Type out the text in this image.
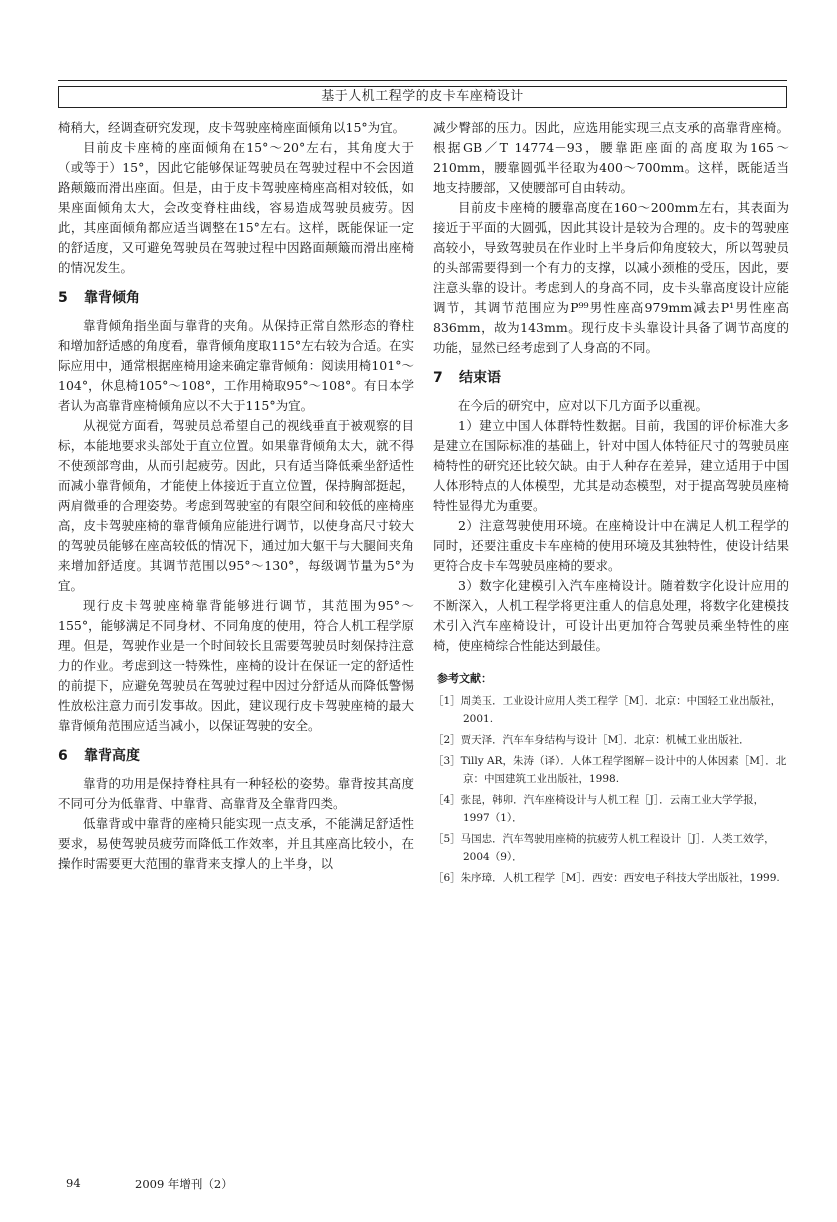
基于人机工程学的皮卡车座椅设计

椅稍大，经调查研究发现，皮卡驾驶座椅座面倾角以15°为宜。

目前皮卡座椅的座面倾角在15°～20°左右，其角度大于（或等于）15°，因此它能够保证驾驶员在驾驶过程中不会因道路颠簸而滑出座面。但是，由于皮卡驾驶座椅座高相对较低，如果座面倾角太大，会改变脊柱曲线，容易造成驾驶员疲劳。因此，其座面倾角都应适当调整在15°左右。这样，既能保证一定的舒适度，又可避免驾驶员在驾驶过程中因路面颠簸而滑出座椅的情况发生。

5 靠背倾角

靠背倾角指坐面与靠背的夹角。从保持正常自然形态的脊柱和增加舒适感的角度看，靠背倾角度取115°左右较为合适。在实际应用中，通常根据座椅用途来确定靠背倾角：阅读用椅101°～104°，休息椅105°～108°，工作用椅取95°～108°。有日本学者认为高靠背座椅倾角应以不大于115°为宜。

从视觉方面看，驾驶员总希望自己的视线垂直于被观察的目标，本能地要求头部处于直立位置。如果靠背倾角太大，就不得不使颈部弯曲，从而引起疲劳。因此，只有适当降低乘坐舒适性而减小靠背倾角，才能使上体接近于直立位置，保持胸部挺起，两肩微垂的合理姿势。考虑到驾驶室的有限空间和较低的座椅座高，皮卡驾驶座椅的靠背倾角应能进行调节，以使身高尺寸较大的驾驶员能够在座高较低的情况下，通过加大躯干与大腿间夹角来增加舒适度。其调节范围以95°～130°，每级调节量为5°为宜。

现行皮卡驾驶座椅靠背能够进行调节，其范围为95°～155°，能够满足不同身材、不同角度的使用，符合人机工程学原理。但是，驾驶作业是一个时间较长且需要驾驶员时刻保持注意力的作业。考虑到这一特殊性，座椅的设计在保证一定的舒适性的前提下，应避免驾驶员在驾驶过程中因过分舒适从而降低警惕性放松注意力而引发事故。因此，建议现行皮卡驾驶座椅的最大靠背倾角范围应适当减小，以保证驾驶的安全。

6 靠背高度

靠背的功用是保持脊柱具有一种轻松的姿势。靠背按其高度不同可分为低靠背、中靠背、高靠背及全靠背四类。

低靠背或中靠背的座椅只能实现一点支承，不能满足舒适性要求，易使驾驶员疲劳而降低工作效率，并且其座高比较小，在操作时需要更大范围的靠背来支撑人的上半身，以

减少臀部的压力。因此，应选用能实现三点支承的高靠背座椅。根据GB／T 14774－93，腰靠距座面的高度取为165～210mm，腰靠圆弧半径取为400～700mm。这样，既能适当地支持腰部，又使腰部可自由转动。

目前皮卡座椅的腰靠高度在160～200mm左右，其表面为接近于平面的大圆弧，因此其设计是较为合理的。皮卡的驾驶座高较小，导致驾驶员在作业时上半身后仰角度较大，所以驾驶员的头部需要得到一个有力的支撑，以减小颈椎的受压，因此，要注意头靠的设计。考虑到人的身高不同，皮卡头靠高度设计应能调节，其调节范围应为P⁹⁹男性座高979mm减去P¹男性座高836mm，故为143mm。现行皮卡头靠设计具备了调节高度的功能，显然已经考虑到了人身高的不同。

7 结束语

在今后的研究中，应对以下几方面予以重视。

1）建立中国人体群特性数据。目前，我国的评价标准大多是建立在国际标准的基础上，针对中国人体特征尺寸的驾驶员座椅特性的研究还比较欠缺。由于人种存在差异，建立适用于中国人体形特点的人体模型，尤其是动态模型，对于提高驾驶员座椅特性显得尤为重要。

2）注意驾驶使用环境。在座椅设计中在满足人机工程学的同时，还要注重皮卡车座椅的使用环境及其独特性，使设计结果更符合皮卡车驾驶员座椅的要求。

3）数字化建模引入汽车座椅设计。随着数字化设计应用的不断深入，人机工程学将更注重人的信息处理，将数字化建模技术引入汽车座椅设计，可设计出更加符合驾驶员乘坐特性的座椅，使座椅综合性能达到最佳。

参考文献：

［1］周美玉．工业设计应用人类工程学［M］．北京：中国轻工业出版社，2001.

［2］贾天泽．汽车车身结构与设计［M］．北京：机械工业出版社．

［3］Tilly AR，朱涛（译）．人体工程学图解－设计中的人体因素［M］．北京：中国建筑工业出版社，1998.

［4］张昆，韩卯．汽车座椅设计与人机工程［J］．云南工业大学学报，1997（1）．

［5］马国忠．汽车驾驶用座椅的抗疲劳人机工程设计［J］．人类工效学，2004（9）．

［6］朱序璋．人机工程学［M］．西安：西安电子科技大学出版社，1999.

94	2009 年增刊（2）
